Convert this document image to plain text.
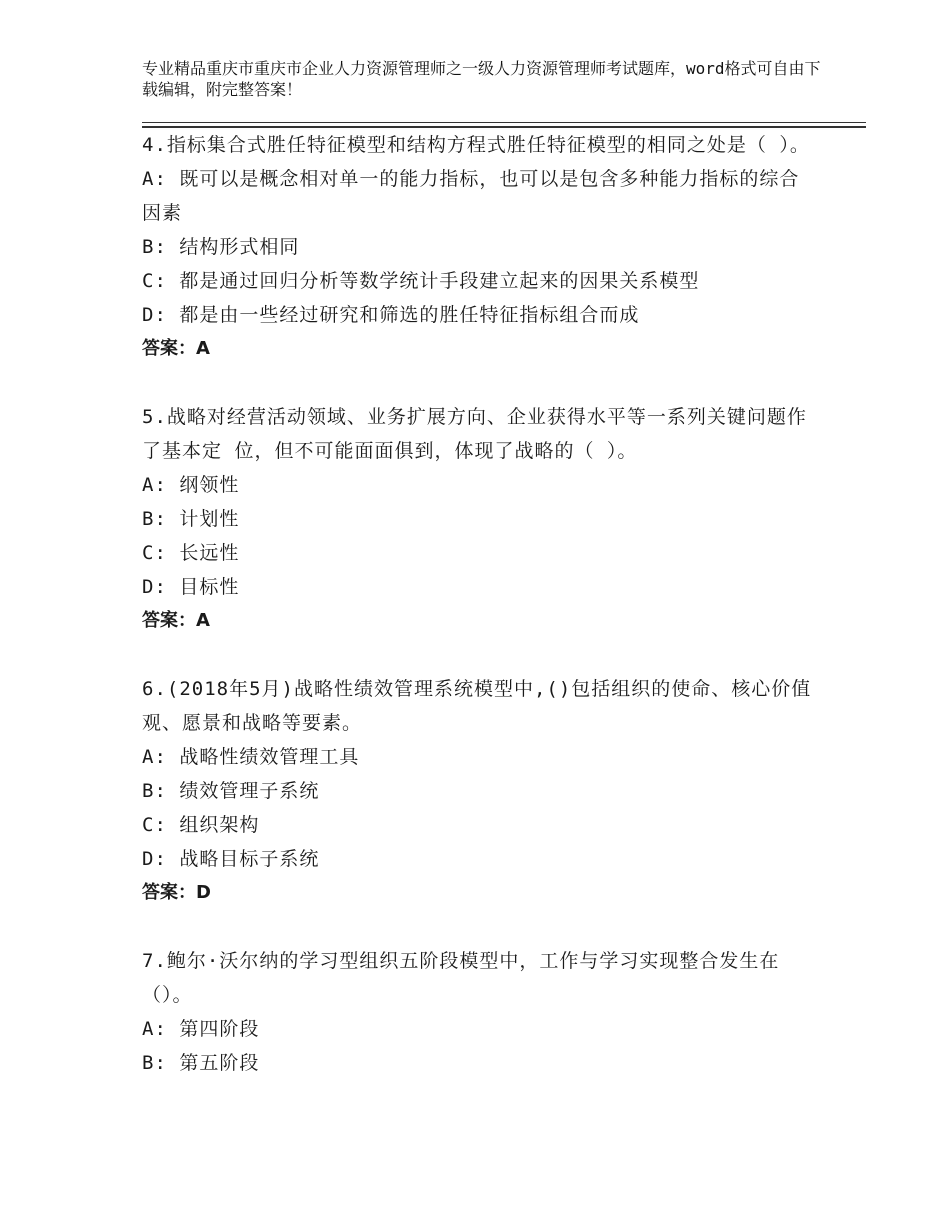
专业精品重庆市重庆市企业人力资源管理师之一级人力资源管理师考试题库，word格式可自由下载编辑，附完整答案！
4.指标集合式胜任特征模型和结构方程式胜任特征模型的相同之处是（ ）。
A: 既可以是概念相对单一的能力指标，也可以是包含多种能力指标的综合因素
B: 结构形式相同
C: 都是通过回归分析等数学统计手段建立起来的因果关系模型
D: 都是由一些经过研究和筛选的胜任特征指标组合而成
答案：A
5.战略对经营活动领域、业务扩展方向、企业获得水平等一系列关键问题作了基本定 位，但不可能面面俱到，体现了战略的（ ）。
A: 纲领性
B: 计划性
C: 长远性
D: 目标性
答案：A
6.(2018年5月)战略性绩效管理系统模型中,()包括组织的使命、核心价值观、愿景和战略等要素。
A: 战略性绩效管理工具
B: 绩效管理子系统
C: 组织架构
D: 战略目标子系统
答案：D
7.鲍尔·沃尔纳的学习型组织五阶段模型中，工作与学习实现整合发生在（）。
A: 第四阶段
B: 第五阶段
